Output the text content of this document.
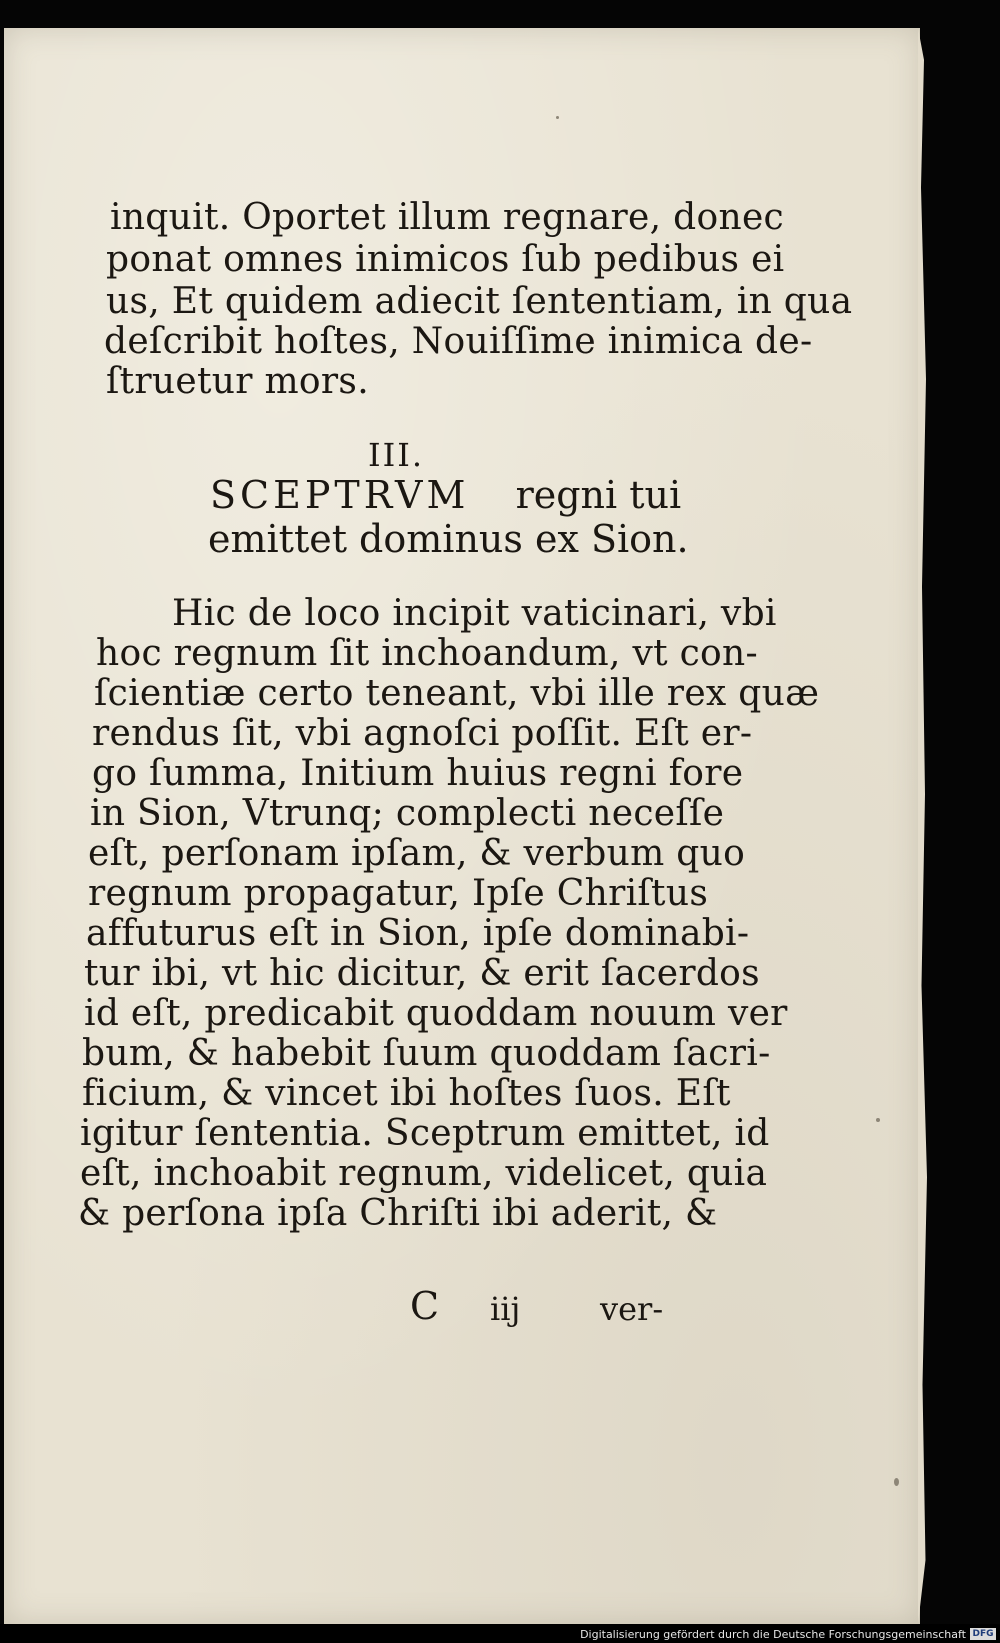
inquit. Oportet illum regnare, donec
ponat omnes inimicos ſub pedibus ei
us, Et quidem adiecit ſententiam, in qua
deſcribit hoſtes, Nouiſſime inimica de-
ſtruetur mors.
III.
SCEPTRVM regni tui
emittet dominus ex Sion.
Hic de loco incipit vaticinari, vbi
hoc regnum ſit inchoandum, vt con-
ſcientiæ certo teneant, vbi ille rex quæ
rendus ſit, vbi agnoſci poſſit. Eſt er-
go ſumma, Initium huius regni fore
in Sion, Vtrunq; complecti neceſſe
eſt, perſonam ipſam, & verbum quo
regnum propagatur, Ipſe Chriſtus
affuturus eſt in Sion, ipſe dominabi-
tur ibi, vt hic dicitur, & erit ſacerdos
id eſt, predicabit quoddam nouum ver
bum, & habebit ſuum quoddam ſacri-
ficium, & vincet ibi hoſtes ſuos. Eſt
igitur ſententia. Sceptrum emittet, id
eſt, inchoabit regnum, videlicet, quia
& perſona ipſa Chriſti ibi aderit, &
C iij ver-
Digitalisierung gefördert durch die Deutsche Forschungsgemeinschaft DFG
